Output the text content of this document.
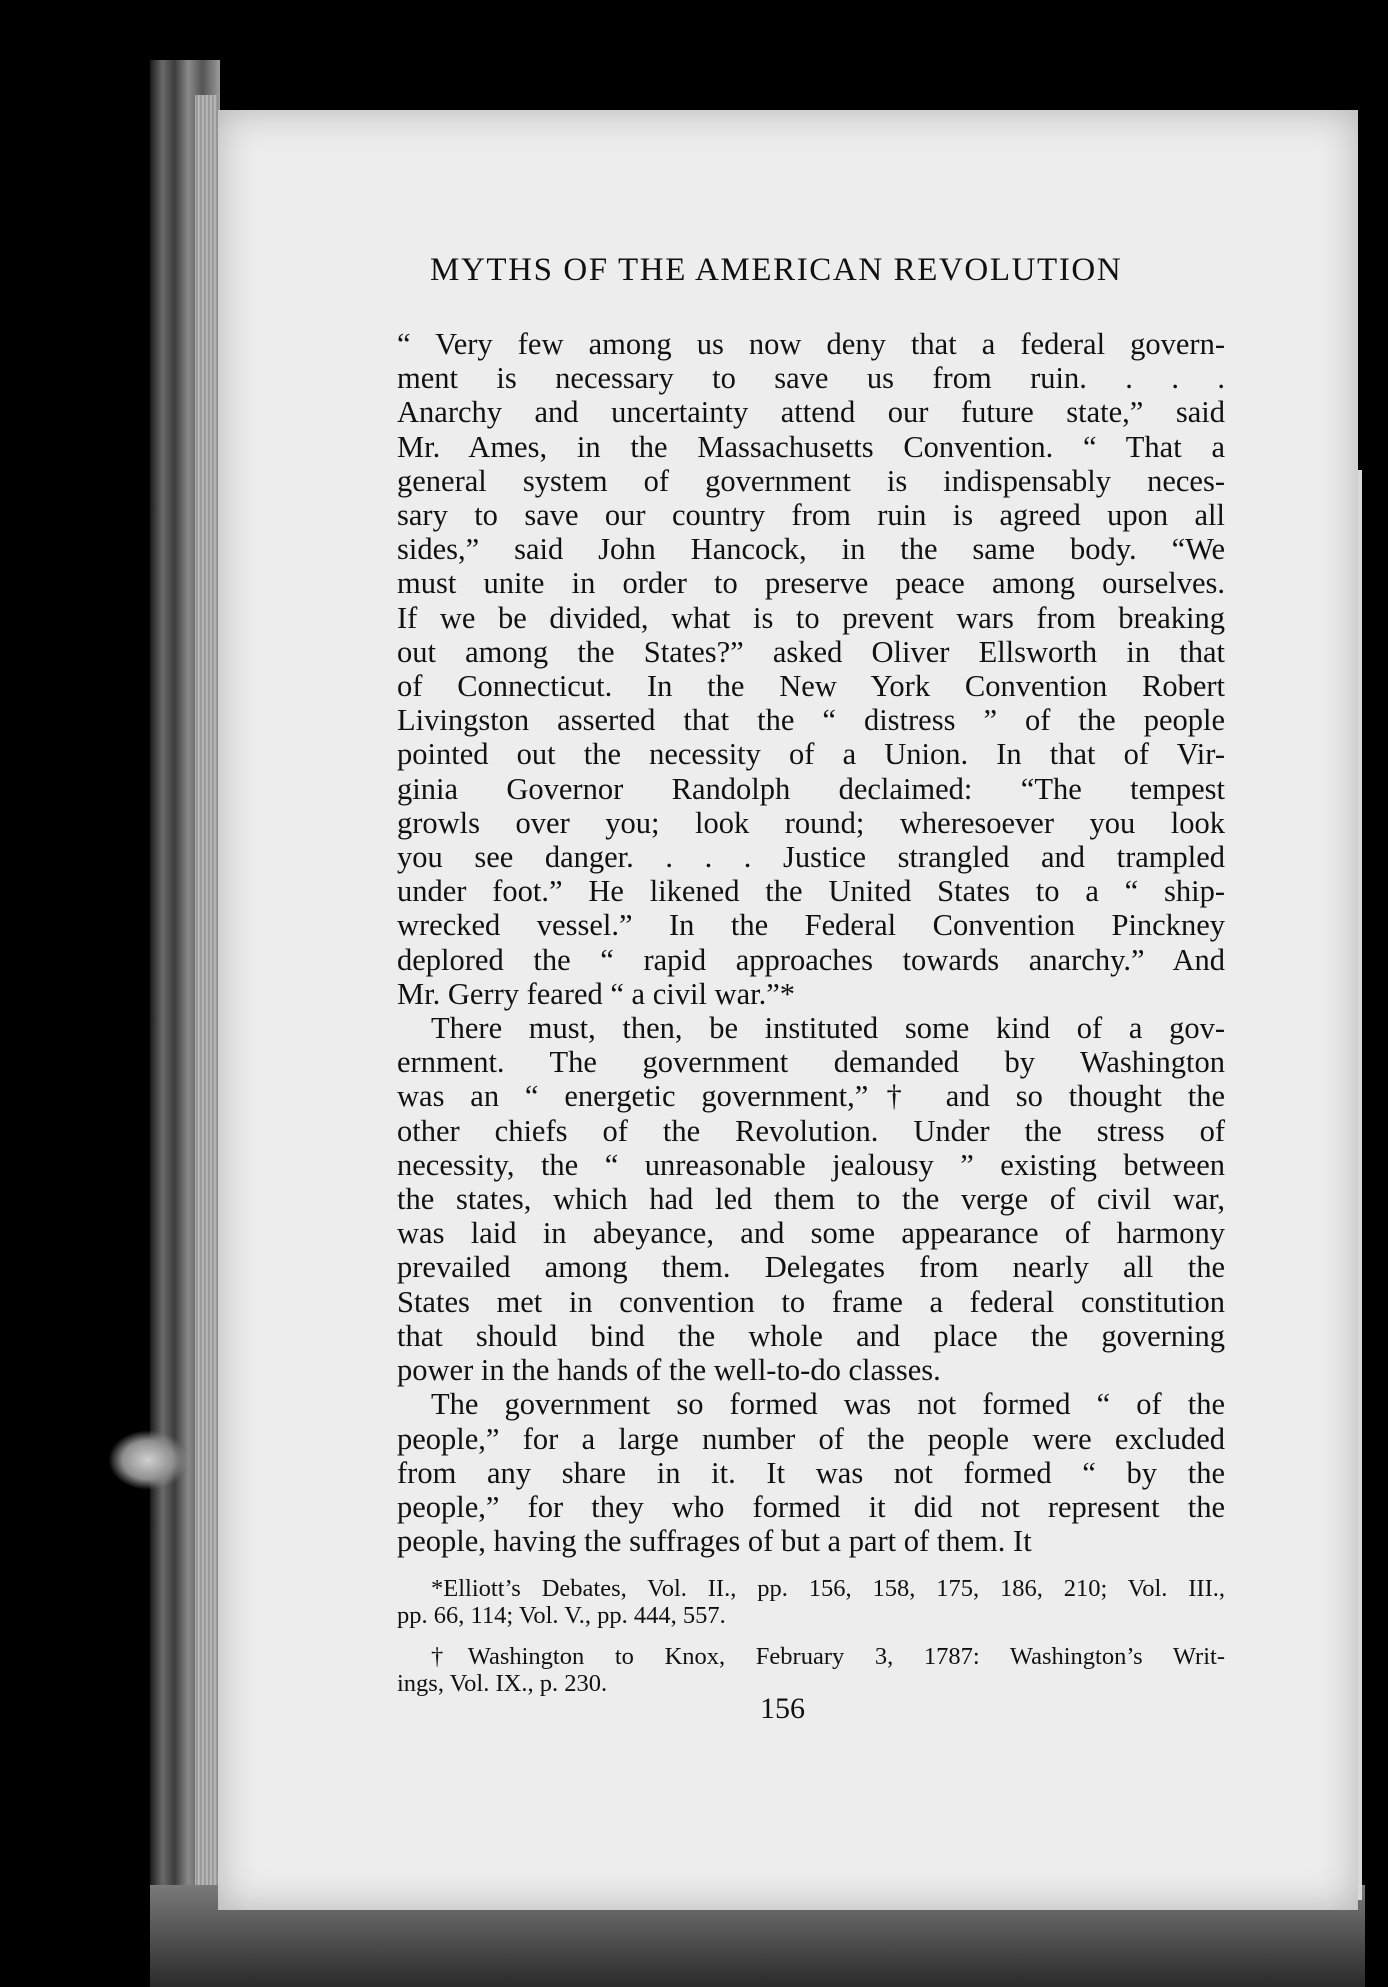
MYTHS OF THE AMERICAN REVOLUTION

“ Very few among us now deny that a federal govern-
ment is necessary to save us from ruin. . . .
Anarchy and uncertainty attend our future state,” said
Mr. Ames, in the Massachusetts Convention. “ That a
general system of government is indispensably neces-
sary to save our country from ruin is agreed upon all
sides,” said John Hancock, in the same body. “We
must unite in order to preserve peace among ourselves.
If we be divided, what is to prevent wars from breaking
out among the States?” asked Oliver Ellsworth in that
of Connecticut. In the New York Convention Robert
Livingston asserted that the “ distress ” of the people
pointed out the necessity of a Union. In that of Vir-
ginia Governor Randolph declaimed: “The tempest
growls over you; look round; wheresoever you look
you see danger. . . . Justice strangled and trampled
under foot.” He likened the United States to a “ ship-
wrecked vessel.” In the Federal Convention Pinckney
deplored the “ rapid approaches towards anarchy.” And
Mr. Gerry feared “ a civil war.”*

There must, then, be instituted some kind of a gov-
ernment. The government demanded by Washington
was an “ energetic government,”† and so thought the
other chiefs of the Revolution. Under the stress of
necessity, the “ unreasonable jealousy ” existing between
the states, which had led them to the verge of civil war,
was laid in abeyance, and some appearance of harmony
prevailed among them. Delegates from nearly all the
States met in convention to frame a federal constitution
that should bind the whole and place the governing
power in the hands of the well-to-do classes.

The government so formed was not formed “ of the
people,” for a large number of the people were excluded
from any share in it. It was not formed “ by the
people,” for they who formed it did not represent the
people, having the suffrages of but a part of them. It

*Elliott’s Debates, Vol. II., pp. 156, 158, 175, 186, 210; Vol. III.,
pp. 66, 114; Vol. V., pp. 444, 557.
†Washington to Knox, February 3, 1787: Washington’s Writ-
ings, Vol. IX., p. 230.
156
